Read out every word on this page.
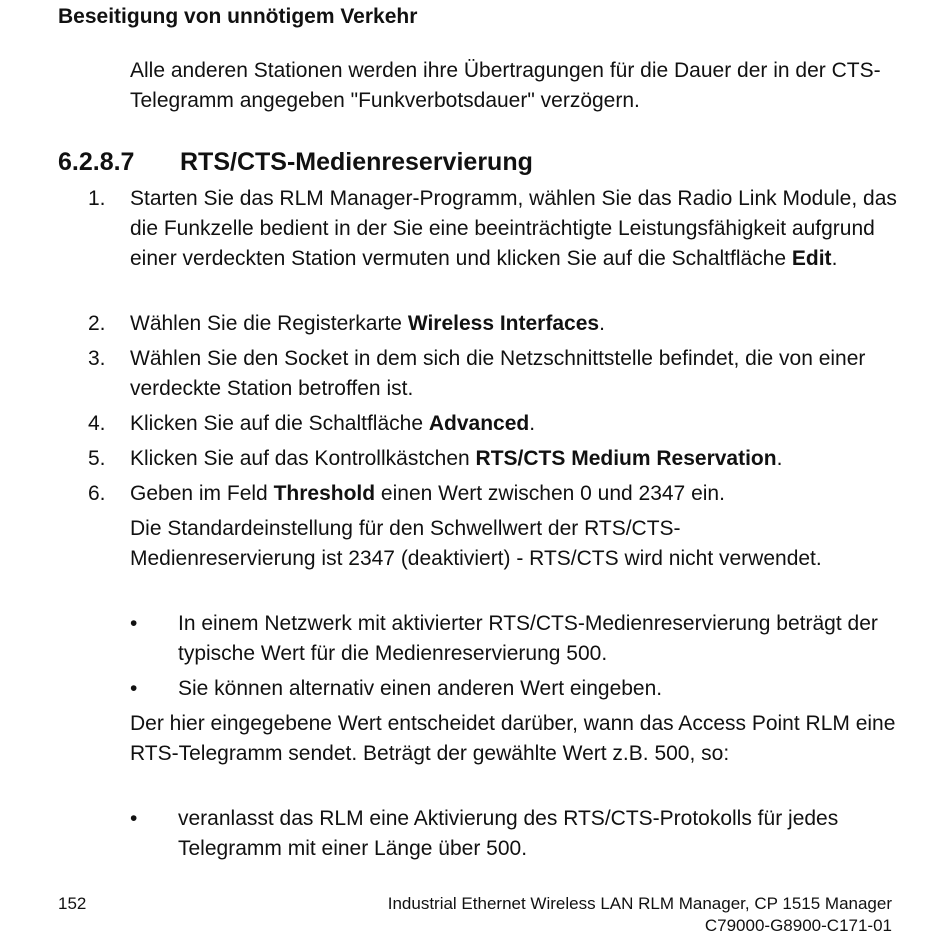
Beseitigung von unnötigem Verkehr

Alle anderen Stationen werden ihre Übertragungen für die Dauer der in der CTS-Telegramm angegeben "Funkverbotsdauer" verzögern.

6.2.8.7 RTS/CTS-Medienreservierung
1.	Starten Sie das RLM Manager-Programm, wählen Sie das Radio Link Module, das die Funkzelle bedient in der Sie eine beeinträchtigte Leistungsfähigkeit aufgrund einer verdeckten Station vermuten und klicken Sie auf die Schaltfläche Edit.
2.	Wählen Sie die Registerkarte Wireless Interfaces.
3.	Wählen Sie den Socket in dem sich die Netzschnittstelle befindet, die von einer verdeckte Station betroffen ist.
4.	Klicken Sie auf die Schaltfläche Advanced.
5.	Klicken Sie auf das Kontrollkästchen RTS/CTS Medium Reservation.
6.	Geben im Feld Threshold einen Wert zwischen 0 und 2347 ein.

Die Standardeinstellung für den Schwellwert der RTS/CTS-Medienreservierung ist 2347 (deaktiviert) - RTS/CTS wird nicht verwendet.

• In einem Netzwerk mit aktivierter RTS/CTS-Medienreservierung beträgt der typische Wert für die Medienreservierung 500.
• Sie können alternativ einen anderen Wert eingeben.

Der hier eingegebene Wert entscheidet darüber, wann das Access Point RLM eine RTS-Telegramm sendet. Beträgt der gewählte Wert z.B. 500, so:

• veranlasst das RLM eine Aktivierung des RTS/CTS-Protokolls für jedes Telegramm mit einer Länge über 500.
152	Industrial Ethernet Wireless LAN RLM Manager, CP 1515 Manager
C79000-G8900-C171-01
